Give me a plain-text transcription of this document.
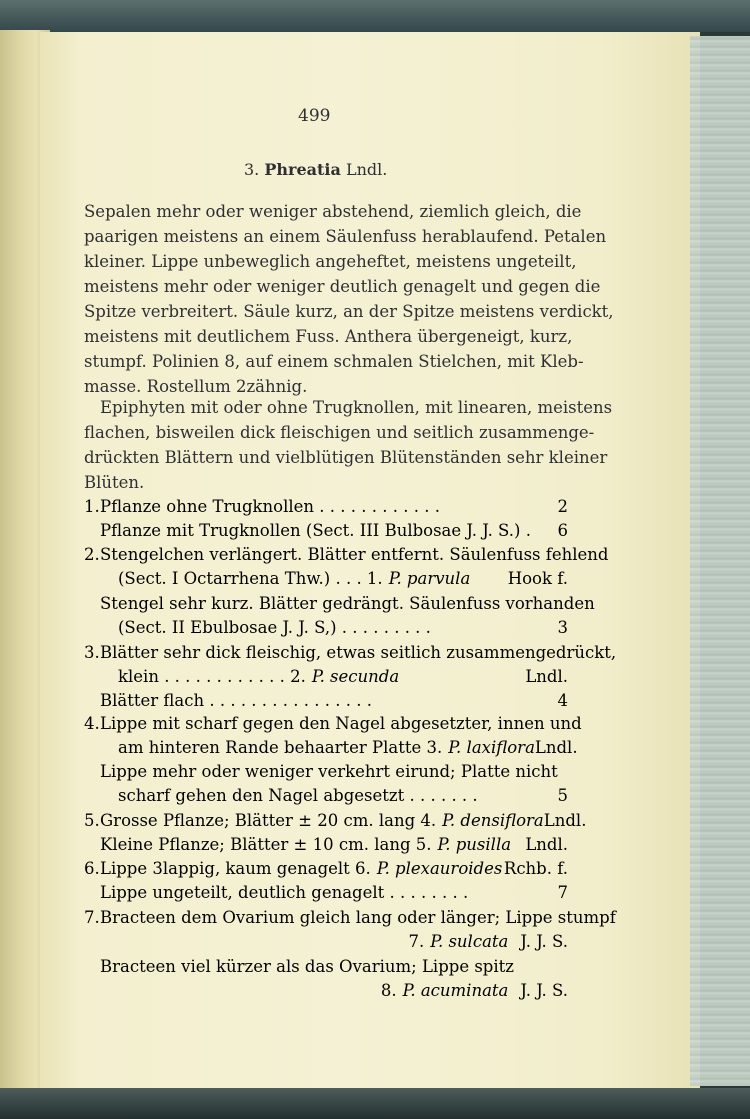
499
3. Phreatia Lndl.
Sepalen mehr oder weniger abstehend, ziemlich gleich, die
paarigen meistens an einem Säulenfuss herablaufend. Petalen
kleiner. Lippe unbeweglich angeheftet, meistens ungeteilt,
meistens mehr oder weniger deutlich genagelt und gegen die
Spitze verbreitert. Säule kurz, an der Spitze meistens verdickt,
meistens mit deutlichem Fuss. Anthera übergeneigt, kurz,
stumpf. Polinien 8, auf einem schmalen Stielchen, mit Kleb-
masse. Rostellum 2zähnig.
Epiphyten mit oder ohne Trugknollen, mit linearen, meistens
flachen, bisweilen dick fleischigen und seitlich zusammenge-
drückten Blättern und vielblütigen Blütenständen sehr kleiner
Blüten.
1. Pflanze ohne Trugknollen . . . . . . . . . . . .	2
Pflanze mit Trugknollen (Sect. III Bulbosae J. J. S.) . 6
2. Stengelchen verlängert. Blätter entfernt. Säulenfuss fehlend
(Sect. I Octarrhena Thw.) . . . 1. P. parvula Hook f.
Stengel sehr kurz. Blätter gedrängt. Säulenfuss vorhanden
(Sect. II Ebulbosae J. J. S,) . . . . . . . . .	3
3. Blätter sehr dick fleischig, etwas seitlich zusammengedrückt,
klein . . . . . . . . . . . . 2. P. secunda	Lndl.
Blätter flach . . . . . . . . . . . . . . . .	4
4. Lippe mit scharf gegen den Nagel abgesetzter, innen und
am hinteren Rande behaarter Platte 3. P. laxiflora Lndl.
Lippe mehr oder weniger verkehrt eirund; Platte nicht
scharf gehen den Nagel abgesetzt . . . . . . .	5
5. Grosse Pflanze; Blätter ± 20 cm. lang 4. P. densiflora Lndl.
Kleine Pflanze; Blätter ± 10 cm. lang 5. P. pusilla Lndl.
6. Lippe 3lappig, kaum genagelt 6. P. plexauroides Rchb. f.
Lippe ungeteilt, deutlich genagelt . . . . . . . .	7
7. Bracteen dem Ovarium gleich lang oder länger; Lippe stumpf
7. P. sulcata J. J. S.
Bracteen viel kürzer als das Ovarium; Lippe spitz
8. P. acuminata J. J. S.
